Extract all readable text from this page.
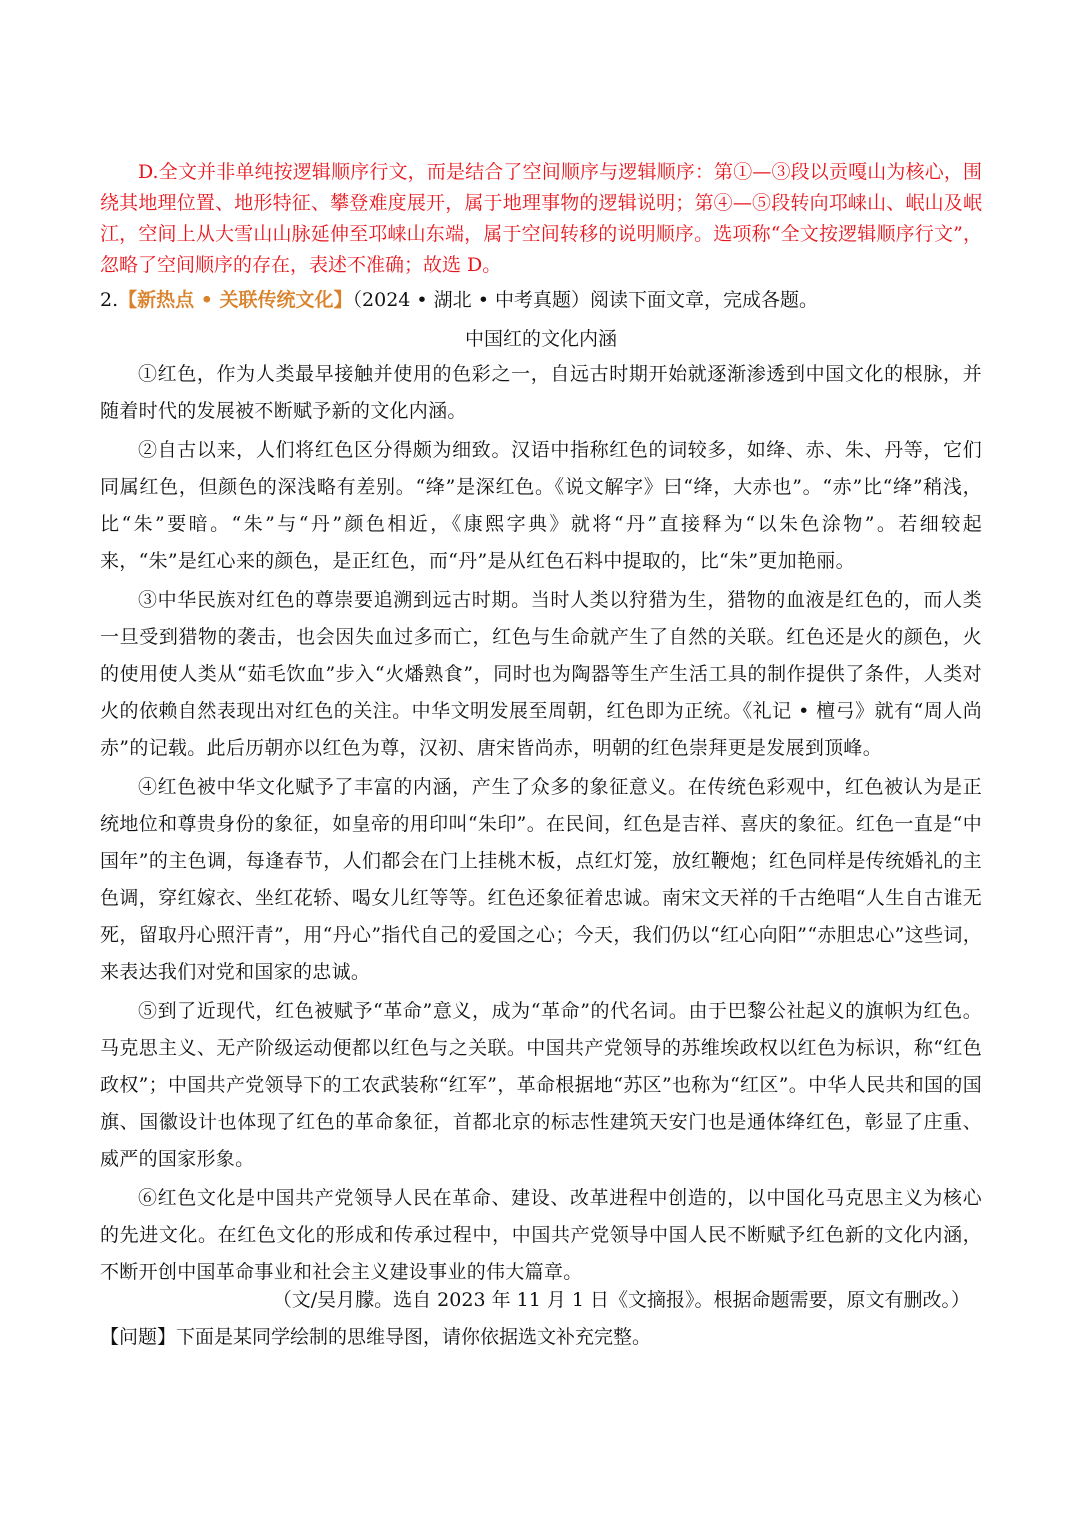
D.全文并非单纯按逻辑顺序行文，而是结合了空间顺序与逻辑顺序：第①—③段以贡嘎山为核心，围绕其地理位置、地形特征、攀登难度展开，属于地理事物的逻辑说明；第④—⑤段转向邛崃山、岷山及岷江，空间上从大雪山山脉延伸至邛崃山东端，属于空间转移的说明顺序。选项称“全文按逻辑顺序行文”，忽略了空间顺序的存在，表述不准确；故选 D。

2.【新热点 • 关联传统文化】（2024 • 湖北 • 中考真题）阅读下面文章，完成各题。

中国红的文化内涵

①红色，作为人类最早接触并使用的色彩之一，自远古时期开始就逐渐渗透到中国文化的根脉，并随着时代的发展被不断赋予新的文化内涵。

②自古以来，人们将红色区分得颇为细致。汉语中指称红色的词较多，如绛、赤、朱、丹等，它们同属红色，但颜色的深浅略有差别。“绛”是深红色。《说文解字》曰“绛，大赤也”。“赤”比“绛”稍浅，比“朱”要暗。“朱”与“丹”颜色相近，《康熙字典》就将“丹”直接释为“以朱色涂物”。若细较起来，“朱”是红心来的颜色，是正红色，而“丹”是从红色石料中提取的，比“朱”更加艳丽。

③中华民族对红色的尊崇要追溯到远古时期。当时人类以狩猎为生，猎物的血液是红色的，而人类一旦受到猎物的袭击，也会因失血过多而亡，红色与生命就产生了自然的关联。红色还是火的颜色，火的使用使人类从“茹毛饮血”步入“火燔熟食”，同时也为陶器等生产生活工具的制作提供了条件，人类对火的依赖自然表现出对红色的关注。中华文明发展至周朝，红色即为正统。《礼记 • 檀弓》就有“周人尚赤”的记载。此后历朝亦以红色为尊，汉初、唐宋皆尚赤，明朝的红色崇拜更是发展到顶峰。

④红色被中华文化赋予了丰富的内涵，产生了众多的象征意义。在传统色彩观中，红色被认为是正统地位和尊贵身份的象征，如皇帝的用印叫“朱印”。在民间，红色是吉祥、喜庆的象征。红色一直是“中国年”的主色调，每逢春节，人们都会在门上挂桃木板，点红灯笼，放红鞭炮；红色同样是传统婚礼的主色调，穿红嫁衣、坐红花轿、喝女儿红等等。红色还象征着忠诚。南宋文天祥的千古绝唱“人生自古谁无死，留取丹心照汗青”，用“丹心”指代自己的爱国之心；今天，我们仍以“红心向阳”“赤胆忠心”这些词，来表达我们对党和国家的忠诚。

⑤到了近现代，红色被赋予“革命”意义，成为“革命”的代名词。由于巴黎公社起义的旗帜为红色。马克思主义、无产阶级运动便都以红色与之关联。中国共产党领导的苏维埃政权以红色为标识，称“红色政权”；中国共产党领导下的工农武装称“红军”，革命根据地“苏区”也称为“红区”。中华人民共和国的国旗、国徽设计也体现了红色的革命象征，首都北京的标志性建筑天安门也是通体绛红色，彰显了庄重、威严的国家形象。

⑥红色文化是中国共产党领导人民在革命、建设、改革进程中创造的，以中国化马克思主义为核心的先进文化。在红色文化的形成和传承过程中，中国共产党领导中国人民不断赋予红色新的文化内涵，不断开创中国革命事业和社会主义建设事业的伟大篇章。

（文/吴月朦。选自 2023 年 11 月 1 日《文摘报》。根据命题需要，原文有删改。）

【问题】下面是某同学绘制的思维导图，请你依据选文补充完整。
